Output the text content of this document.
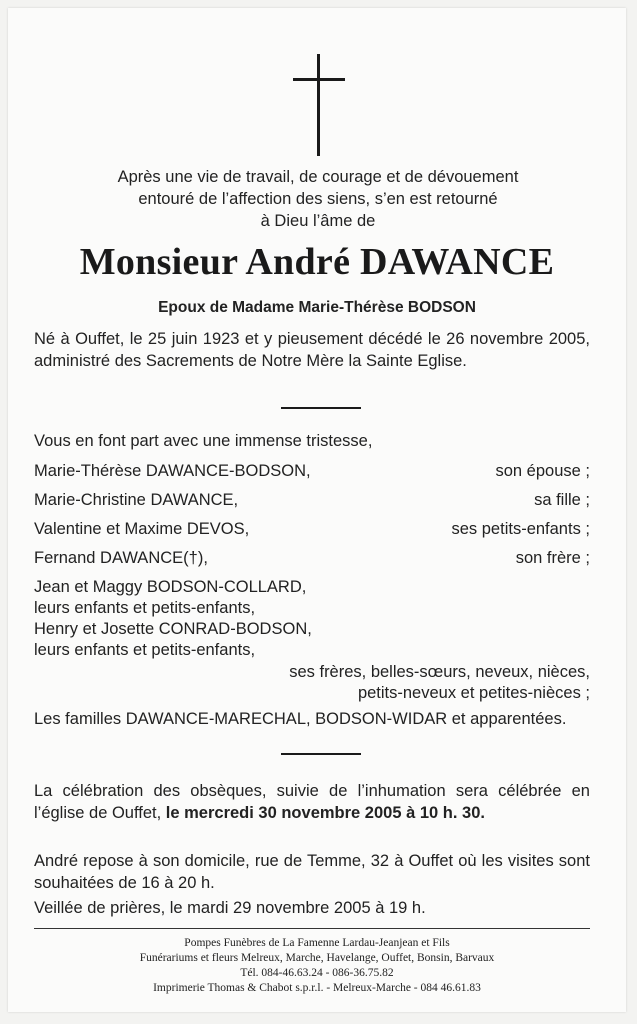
Après une vie de travail, de courage et de dévouement
entouré de l’affection des siens, s’en est retourné
à Dieu l’âme de
Monsieur André DAWANCE
Epoux de Madame Marie-Thérèse BODSON
Né à Ouffet, le 25 juin 1923 et y pieusement décédé le 26 novembre 2005, administré des Sacrements de Notre Mère la Sainte Eglise.
Vous en font part avec une immense tristesse,
Marie-Thérèse DAWANCE-BODSON,	son épouse ;
Marie-Christine DAWANCE,	sa fille ;
Valentine et Maxime DEVOS,	ses petits-enfants ;
Fernand DAWANCE(†),	son frère ;
Jean et Maggy BODSON-COLLARD,
leurs enfants et petits-enfants,
Henry et Josette CONRAD-BODSON,
leurs enfants et petits-enfants,
ses frères, belles-sœurs, neveux, nièces,
petits-neveux et petites-nièces ;
Les familles DAWANCE-MARECHAL, BODSON-WIDAR et apparentées.
La célébration des obsèques, suivie de l’inhumation sera célébrée en l’église de Ouffet, le mercredi 30 novembre 2005 à 10 h. 30.
André repose à son domicile, rue de Temme, 32 à Ouffet où les visites sont souhaitées de 16 à 20 h.
Veillée de prières, le mardi 29 novembre 2005 à 19 h.
Pompes Funèbres de La Famenne Lardau-Jeanjean et Fils
Funérariums et fleurs Melreux, Marche, Havelange, Ouffet, Bonsin, Barvaux
Tél. 084-46.63.24 - 086-36.75.82
Imprimerie Thomas & Chabot s.p.r.l. - Melreux-Marche - 084 46.61.83
